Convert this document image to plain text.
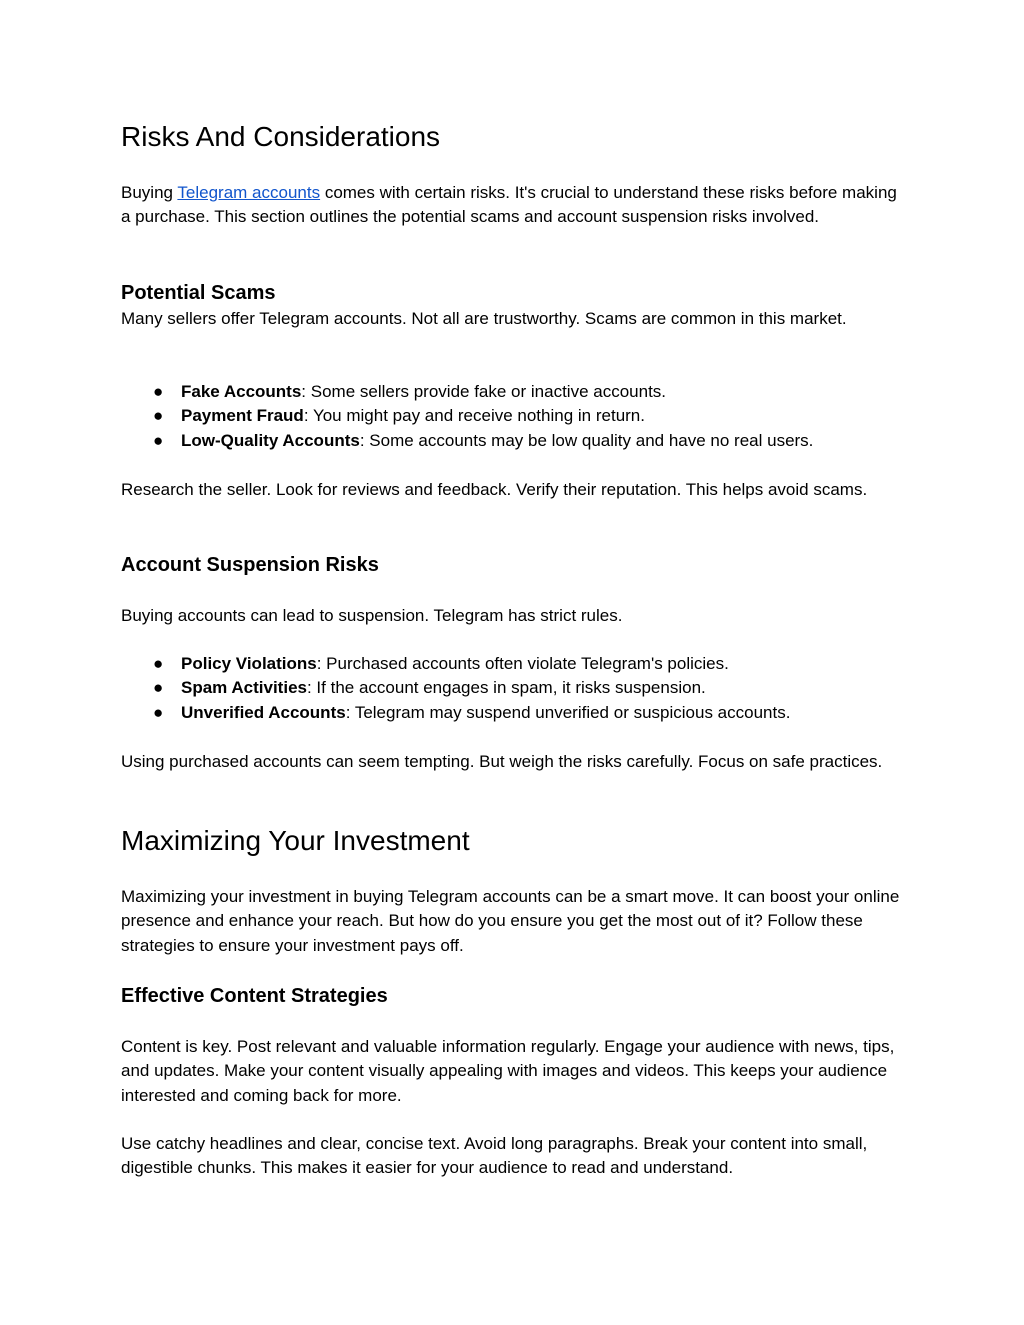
Risks And Considerations

Buying Telegram accounts comes with certain risks. It's crucial to understand these risks before making a purchase. This section outlines the potential scams and account suspension risks involved.

Potential Scams

Many sellers offer Telegram accounts. Not all are trustworthy. Scams are common in this market.

● Fake Accounts: Some sellers provide fake or inactive accounts.
● Payment Fraud: You might pay and receive nothing in return.
● Low-Quality Accounts: Some accounts may be low quality and have no real users.

Research the seller. Look for reviews and feedback. Verify their reputation. This helps avoid scams.

Account Suspension Risks

Buying accounts can lead to suspension. Telegram has strict rules.

● Policy Violations: Purchased accounts often violate Telegram's policies.
● Spam Activities: If the account engages in spam, it risks suspension.
● Unverified Accounts: Telegram may suspend unverified or suspicious accounts.

Using purchased accounts can seem tempting. But weigh the risks carefully. Focus on safe practices.

Maximizing Your Investment

Maximizing your investment in buying Telegram accounts can be a smart move. It can boost your online presence and enhance your reach. But how do you ensure you get the most out of it? Follow these strategies to ensure your investment pays off.

Effective Content Strategies

Content is key. Post relevant and valuable information regularly. Engage your audience with news, tips, and updates. Make your content visually appealing with images and videos. This keeps your audience interested and coming back for more.

Use catchy headlines and clear, concise text. Avoid long paragraphs. Break your content into small, digestible chunks. This makes it easier for your audience to read and understand.
